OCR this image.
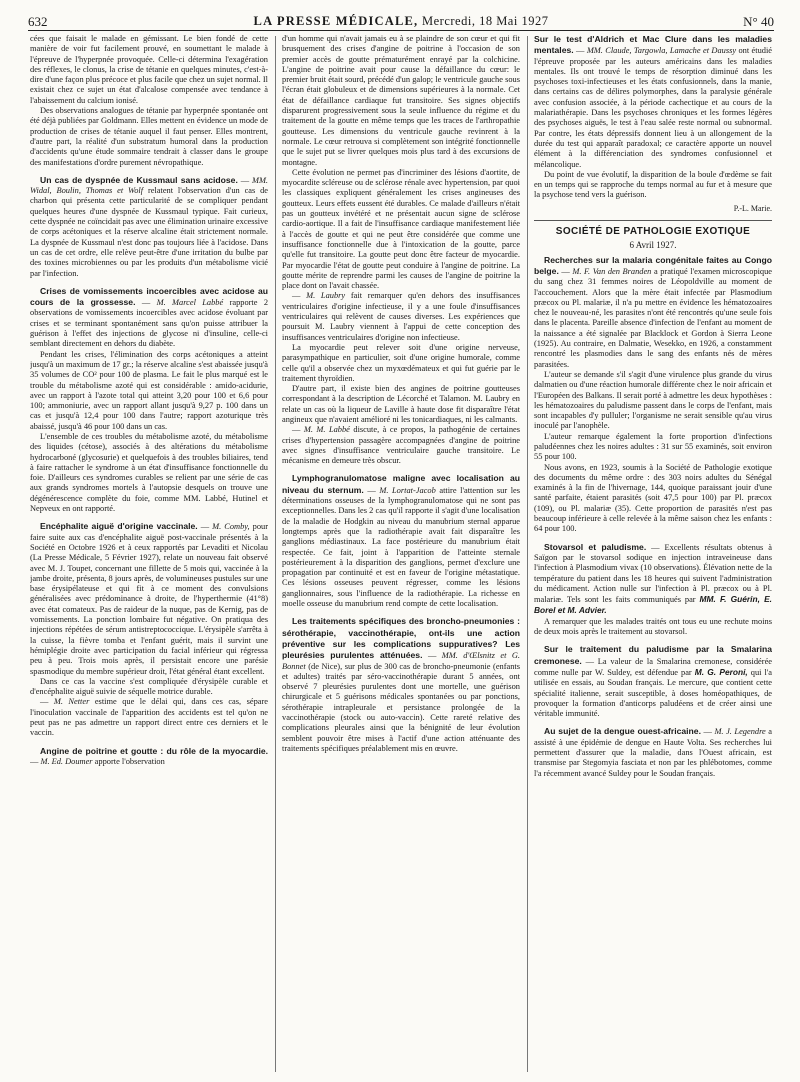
632	LA PRESSE MÉDICALE, Mercredi, 18 Mai 1927	N° 40

cées que faisait le malade en gémissant. Le bien fondé de cette manière de voir fut facilement prouvé, en soumettant le malade à l'épreuve de l'hyperpnée provoquée. Celle-ci détermina l'exagération des réflexes, le clonus, la crise de tétanie en quelques minutes, c'est-à-dire d'une façon plus précoce et plus facile que chez un sujet normal. Il existait chez ce sujet un état d'alcalose compensée avec tendance à l'abaissement du calcium ionisé.

Des observations analogues de tétanie par hyperpnée spontanée ont été déjà publiées par Goldmann. Elles mettent en évidence un mode de production de crises de tétanie auquel il faut penser. Elles montrent, d'autre part, la réalité d'un substratum humoral dans la production d'accidents qu'une étude sommaire tendrait à classer dans le groupe des manifestations d'ordre purement névropathique.

Un cas de dyspnée de Kussmaul sans acidose. — MM. Widal, Boulin, Thomas et Wolf relatent l'observation d'un cas de charbon qui présenta cette particularité de se compliquer pendant quelques heures d'une dyspnée de Kussmaul typique. Fait curieux, cette dyspnée ne coïncidait pas avec une élimination urinaire excessive de corps acétoniques et la réserve alcaline était strictement normale. La dyspnée de Kussmaul n'est donc pas toujours liée à l'acidose. Dans un cas de cet ordre, elle relève peut-être d'une irritation du bulbe par des toxines microbiennes ou par les produits d'un métabolisme vicié par l'infection.

Crises de vomissements incoercibles avec acidose au cours de la grossesse. — M. Marcel Labbé rapporte 2 observations de vomissements incoercibles avec acidose évoluant par crises et se terminant spontanément sans qu'on puisse attribuer la guérison à l'effet des injections de glycose ni d'insuline, celle-ci semblant directement en dehors du diabète.

Pendant les crises, l'élimination des corps acétoniques a atteint jusqu'à un maximum de 17 gr.; la réserve alcaline s'est abaissée jusqu'à 35 volumes de CO² pour 100 de plasma. Le fait le plus marqué est le trouble du métabolisme azoté qui est considérable : amido-acidurie, avec un rapport à l'azote total qui atteint 3,20 pour 100 et 6,6 pour 100; ammoniurie, avec un rapport allant jusqu'à 9,27 p. 100 dans un cas et jusqu'à 12,4 pour 100 dans l'autre; rapport azoturique très abaissé, jusqu'à 46 pour 100 dans un cas.

L'ensemble de ces troubles du métabolisme azoté, du métabolisme des liquides (cétose), associés à des altérations du métabolisme hydrocarboné (glycosurie) et quelquefois à des troubles biliaires, tend à faire rattacher le syndrome à un état d'insuffisance fonctionnelle du foie. D'ailleurs ces syndromes curables se relient par une série de cas aux grands syndromes mortels à l'autopsie desquels on trouve une dégénérescence complète du foie, comme MM. Labbé, Hutinel et Nepveux en ont rapporté.

Encéphalite aiguë d'origine vaccinale. — M. Comby, pour faire suite aux cas d'encéphalite aiguë post-vaccinale présentés à la Société en Octobre 1926 et à ceux rapportés par Levaditi et Nicolau (La Presse Médicale, 5 Février 1927), relate un nouveau fait observé avec M. J. Toupet, concernant une fillette de 5 mois qui, vaccinée à la jambe droite, présenta, 8 jours après, de volumineuses pustules sur une base érysipélateuse et qui fit à ce moment des convulsions généralisées avec prédominance à droite, de l'hyperthermie (41°8) avec état comateux. Pas de raideur de la nuque, pas de Kernig, pas de vomissements. La ponction lombaire fut négative. On pratiqua des injections répétées de sérum antistreptococcique. L'érysipèle s'arrêta à la cuisse, la fièvre tomba et l'enfant guérit, mais il survint une hémiplégie droite avec participation du facial inférieur qui régressa peu à peu. Trois mois après, il persistait encore une parésie spasmodique du membre supérieur droit, l'état général étant excellent.

Dans ce cas la vaccine s'est compliquée d'érysipèle curable et d'encéphalite aiguë suivie de séquelle motrice durable.

— M. Netter estime que le délai qui, dans ces cas, sépare l'inoculation vaccinale de l'apparition des accidents est tel qu'on ne peut pas ne pas admettre un rapport direct entre ces derniers et le vaccin.

Angine de poitrine et goutte : du rôle de la myocardie. — M. Ed. Doumer apporte l'observation

d'un homme qui n'avait jamais eu à se plaindre de son cœur et qui fit brusquement des crises d'angine de poitrine à l'occasion de son premier accès de goutte prématurément enrayé par la colchicine. L'angine de poitrine avait pour cause la défaillance du cœur: le premier bruit était sourd, précédé d'un galop; le ventricule gauche sous l'écran était globuleux et de dimensions supérieures à la normale. Cet état de défaillance cardiaque fut transitoire. Ses signes objectifs disparurent progressivement sous la seule influence du régime et du traitement de la goutte en même temps que les traces de l'arthropathie goutteuse. Les dimensions du ventricule gauche revinrent à la normale. Le cœur retrouva si complètement son intégrité fonctionnelle que le sujet put se livrer quelques mois plus tard à des excursions de montagne.

Cette évolution ne permet pas d'incriminer des lésions d'aortite, de myocardite scléreuse ou de sclérose rénale avec hypertension, par quoi les classiques expliquent généralement les crises angineuses des goutteux. Leurs effets eussent été durables. Ce malade d'ailleurs n'était pas un goutteux invétéré et ne présentait aucun signe de sclérose cardio-aortique. Il a fait de l'insuffisance cardiaque manifestement liée à l'accès de goutte et qui ne peut être considérée que comme une insuffisance fonctionnelle due à l'intoxication de la goutte, parce qu'elle fut transitoire. La goutte peut donc être facteur de myocardie. Par myocardie l'état de goutte peut conduire à l'angine de poitrine. La goutte mérite de reprendre parmi les causes de l'angine de poitrine la place dont on l'avait chassée.

— M. Laubry fait remarquer qu'en dehors des insuffisances ventriculaires d'origine infectieuse, il y a une foule d'insuffisances ventriculaires qui relèvent de causes diverses. Les expériences que poursuit M. Laubry viennent à l'appui de cette conception des insuffisances ventriculaires d'origine non infectieuse.

La myocardie peut relever soit d'une origine nerveuse, parasympathique en particulier, soit d'une origine humorale, comme celle qu'il a observée chez un myxœdémateux et qui fut guérie par le traitement thyroïdien.

D'autre part, il existe bien des angines de poitrine goutteuses correspondant à la description de Lécorché et Talamon. M. Laubry en relate un cas où la liqueur de Laville à haute dose fit disparaître l'état angineux que n'avaient amélioré ni les tonicardiaques, ni les calmants.

— M. M. Labbé discute, à ce propos, la pathogénie de certaines crises d'hypertension passagère accompagnées d'angine de poitrine avec signes d'insuffisance ventriculaire gauche transitoire. Le mécanisme en demeure très obscur.

Lymphogranulomatose maligne avec localisation au niveau du sternum. — M. Lortat-Jacob attire l'attention sur les déterminations osseuses de la lymphogranulomatose qui ne sont pas exceptionnelles. Dans les 2 cas qu'il rapporte il s'agit d'une localisation de la maladie de Hodgkin au niveau du manubrium sternal apparue longtemps après que la radiothérapie avait fait disparaître les ganglions médiastinaux. La face postérieure du manubrium était respectée. Ce fait, joint à l'apparition de l'atteinte sternale postérieurement à la disparition des ganglions, permet d'exclure une propagation par continuité et est en faveur de l'origine métastatique. Ces lésions osseuses peuvent régresser, comme les lésions ganglionnaires, sous l'influence de la radiothérapie. La richesse en moelle osseuse du manubrium rend compte de cette localisation.

Les traitements spécifiques des broncho-pneumonies : sérothérapie, vaccinothérapie, ont-ils une action préventive sur les complications suppuratives? Les pleurésies purulentes atténuées. — MM. d'Œlsnitz et G. Bonnet (de Nice), sur plus de 300 cas de broncho-pneumonie (enfants et adultes) traités par séro-vaccinothérapie durant 5 années, ont observé 7 pleurésies purulentes dont une mortelle, une guérison chirurgicale et 5 guérisons médicales spontanées ou par ponctions, sérothérapie intrapleurale et persistance prolongée de la vaccinothérapie (stock ou auto-vaccin). Cette rareté relative des complications pleurales ainsi que la bénignité de leur évolution semblent pouvoir être mises à l'actif d'une action atténuante des traitements spécifiques préalablement mis en œuvre.

Sur le test d'Aldrich et Mac Clure dans les maladies mentales. — MM. Claude, Targowla, Lamache et Daussy ont étudié l'épreuve proposée par les auteurs américains dans les maladies mentales. Ils ont trouvé le temps de résorption diminué dans les psychoses toxi-infectieuses et les états confusionnels, dans la manie, dans certains cas de délires polymorphes, dans la paralysie générale avec confusion associée, à la période cachectique et au cours de la malariathérapie. Dans les psychoses chroniques et les formes légères des psychoses aiguës, le test à l'eau salée reste normal ou subnormal. Par contre, les états dépressifs donnent lieu à un allongement de la durée du test qui apparaît paradoxal; ce caractère apporte un nouvel élément à la différenciation des syndromes confusionnel et mélancolique.

Du point de vue évolutif, la disparition de la boule d'œdème se fait en un temps qui se rapproche du temps normal au fur et à mesure que la psychose tend vers la guérison.

P.-L. Marie.
SOCIÉTÉ DE PATHOLOGIE EXOTIQUE
6 Avril 1927.

Recherches sur la malaria congénitale faites au Congo belge. — M. F. Van den Branden a pratiqué l'examen microscopique du sang chez 31 femmes noires de Léopoldville au moment de l'accouchement. Alors que la mère était infectée par Plasmodium præcox ou Pl. malariæ, il n'a pu mettre en évidence les hématozoaires chez le nouveau-né, les parasites n'ont été rencontrés qu'une seule fois dans le placenta. Pareille absence d'infection de l'enfant au moment de la naissance a été signalée par Blacklock et Gordon à Sierra Leone (1925). Au contraire, en Dalmatie, Wesekko, en 1926, a constamment rencontré les plasmodies dans le sang des enfants nés de mères parasitées.

L'auteur se demande s'il s'agit d'une virulence plus grande du virus dalmatien ou d'une réaction humorale différente chez le noir africain et l'Européen des Balkans. Il serait porté à admettre les deux hypothèses : les hématozoaires du paludisme passent dans le corps de l'enfant, mais sont incapables d'y pulluler; l'organisme ne serait sensible qu'au virus inoculé par l'anophèle.

L'auteur remarque également la forte proportion d'infections paludéennes chez les noires adultes : 31 sur 55 examinés, soit environ 55 pour 100.

Nous avons, en 1923, soumis à la Société de Pathologie exotique des documents du même ordre : des 303 noirs adultes du Sénégal examinés à la fin de l'hivernage, 144, quoique paraissant jouir d'une santé parfaite, étaient parasités (soit 47,5 pour 100) par Pl. præcox (109), ou Pl. malariæ (35). Cette proportion de parasités n'est pas beaucoup inférieure à celle relevée à la même saison chez les enfants : 64 pour 100.

Stovarsol et paludisme. — Excellents résultats obtenus à Saïgon par le stovarsol sodique en injection intraveineuse dans l'infection à Plasmodium vivax (10 observations). Élévation nette de la température du patient dans les 18 heures qui suivent l'administration du médicament. Action nulle sur l'infection à Pl. præcox ou à Pl. malariæ. Tels sont les faits communiqués par MM. F. Guérin, E. Borel et M. Advier.

A remarquer que les malades traités ont tous eu une rechute moins de deux mois après le traitement au stovarsol.

Sur le traitement du paludisme par la Smalarina cremonese. — La valeur de la Smalarina cremonese, considérée comme nulle par W. Suldey, est défendue par M. G. Peroni, qui l'a utilisée en essais, au Soudan français. Le mercure, que contient cette spécialité italienne, serait susceptible, à doses homéopathiques, de provoquer la formation d'anticorps paludéens et de créer ainsi une véritable immunité.

Au sujet de la dengue ouest-africaine. — M. J. Legendre a assisté à une épidémie de dengue en Haute Volta. Ses recherches lui permettent d'assurer que la maladie, dans l'Ouest africain, est transmise par Stegomyia fasciata et non par les phlébotomes, comme l'a récemment avancé Suldey pour le Soudan français.
